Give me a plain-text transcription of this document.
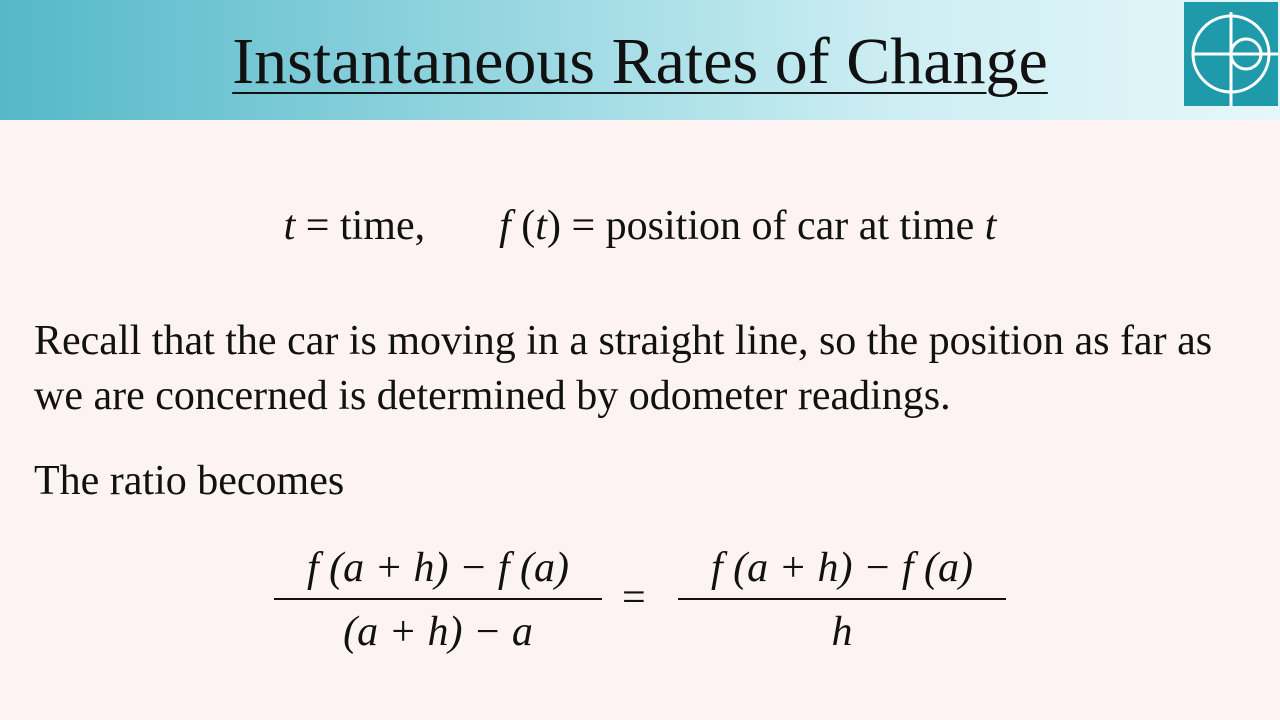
Instantaneous Rates of Change
t = time, f (t) = position of car at time t
Recall that the car is moving in a straight line, so the position as far as we are concerned is determined by odometer readings.
The ratio becomes
f (a + h) − f (a)
(a + h) − a
=
f (a + h) − f (a)
h
